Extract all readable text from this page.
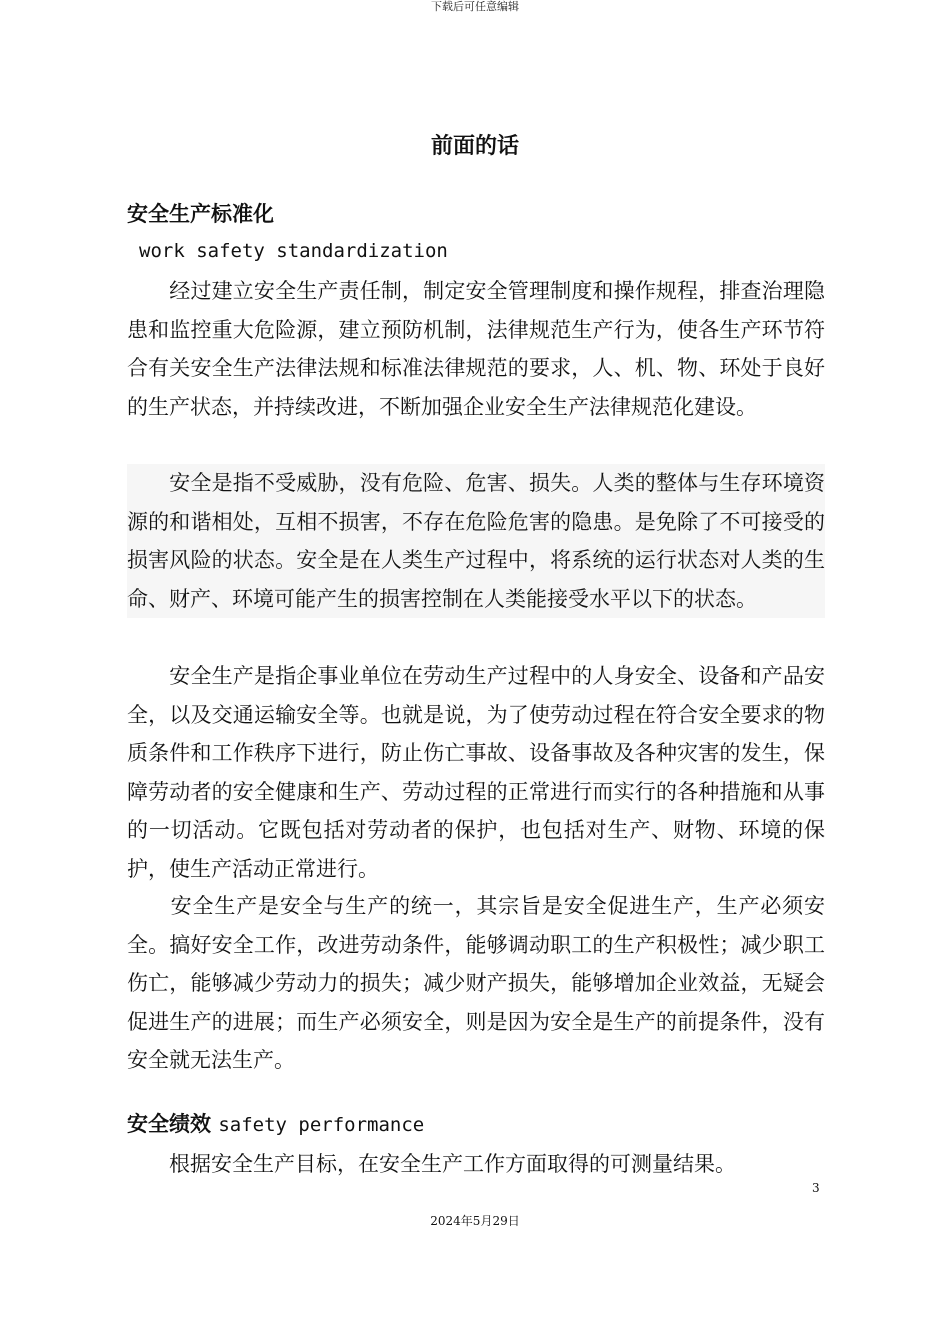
下载后可任意编辑
前面的话
安全生产标准化
work safety standardization

　　经过建立安全生产责任制，制定安全管理制度和操作规程，排查治理隐患和监控重大危险源，建立预防机制，法律规范生产行为，使各生产环节符合有关安全生产法律法规和标准法律规范的要求，人、机、物、环处于良好的生产状态，并持续改进，不断加强企业安全生产法律规范化建设。

　　安全是指不受威胁，没有危险、危害、损失。人类的整体与生存环境资源的和谐相处，互相不损害，不存在危险危害的隐患。是免除了不可接受的损害风险的状态。安全是在人类生产过程中，将系统的运行状态对人类的生命、财产、环境可能产生的损害控制在人类能接受水平以下的状态。

　　安全生产是指企事业单位在劳动生产过程中的人身安全、设备和产品安全，以及交通运输安全等。也就是说，为了使劳动过程在符合安全要求的物质条件和工作秩序下进行，防止伤亡事故、设备事故及各种灾害的发生，保障劳动者的安全健康和生产、劳动过程的正常进行而实行的各种措施和从事的一切活动。它既包括对劳动者的保护，也包括对生产、财物、环境的保护，使生产活动正常进行。

　　安全生产是安全与生产的统一，其宗旨是安全促进生产，生产必须安全。搞好安全工作，改进劳动条件，能够调动职工的生产积极性；减少职工伤亡，能够减少劳动力的损失；减少财产损失，能够增加企业效益，无疑会促进生产的进展；而生产必须安全，则是因为安全是生产的前提条件，没有安全就无法生产。

安全绩效 safety performance

　　根据安全生产目标，在安全生产工作方面取得的可测量结果。

3
2024年5月29日
